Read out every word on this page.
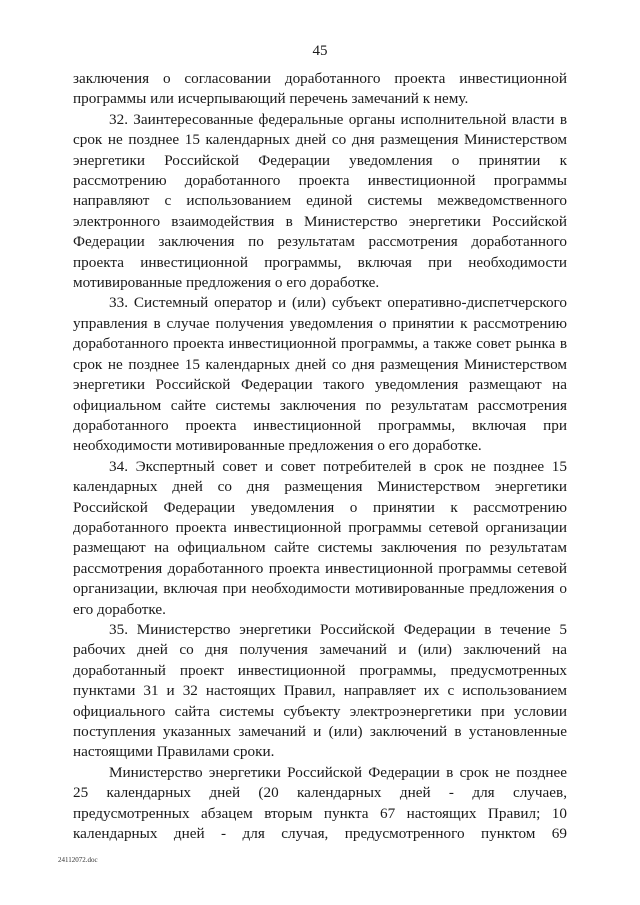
45

заключения о согласовании доработанного проекта инвестиционной программы или исчерпывающий перечень замечаний к нему.

32. Заинтересованные федеральные органы исполнительной власти в срок не позднее 15 календарных дней со дня размещения Министерством энергетики Российской Федерации уведомления о принятии к рассмотрению доработанного проекта инвестиционной программы направляют с использованием единой системы межведомственного электронного взаимодействия в Министерство энергетики Российской Федерации заключения по результатам рассмотрения доработанного проекта инвестиционной программы, включая при необходимости мотивированные предложения о его доработке.

33. Системный оператор и (или) субъект оперативно-диспетчерского управления в случае получения уведомления о принятии к рассмотрению доработанного проекта инвестиционной программы, а также совет рынка в срок не позднее 15 календарных дней со дня размещения Министерством энергетики Российской Федерации такого уведомления размещают на официальном сайте системы заключения по результатам рассмотрения доработанного проекта инвестиционной программы, включая при необходимости мотивированные предложения о его доработке.

34. Экспертный совет и совет потребителей в срок не позднее 15 календарных дней со дня размещения Министерством энергетики Российской Федерации уведомления о принятии к рассмотрению доработанного проекта инвестиционной программы сетевой организации размещают на официальном сайте системы заключения по результатам рассмотрения доработанного проекта инвестиционной программы сетевой организации, включая при необходимости мотивированные предложения о его доработке.

35. Министерство энергетики Российской Федерации в течение 5 рабочих дней со дня получения замечаний и (или) заключений на доработанный проект инвестиционной программы, предусмотренных пунктами 31 и 32 настоящих Правил, направляет их с использованием официального сайта системы субъекту электроэнергетики при условии поступления указанных замечаний и (или) заключений в установленные настоящими Правилами сроки.

Министерство энергетики Российской Федерации в срок не позднее 25 календарных дней (20 календарных дней - для случаев, предусмотренных абзацем вторым пункта 67 настоящих Правил; 10 календарных дней - для случая, предусмотренного пунктом 69

24112072.doc
